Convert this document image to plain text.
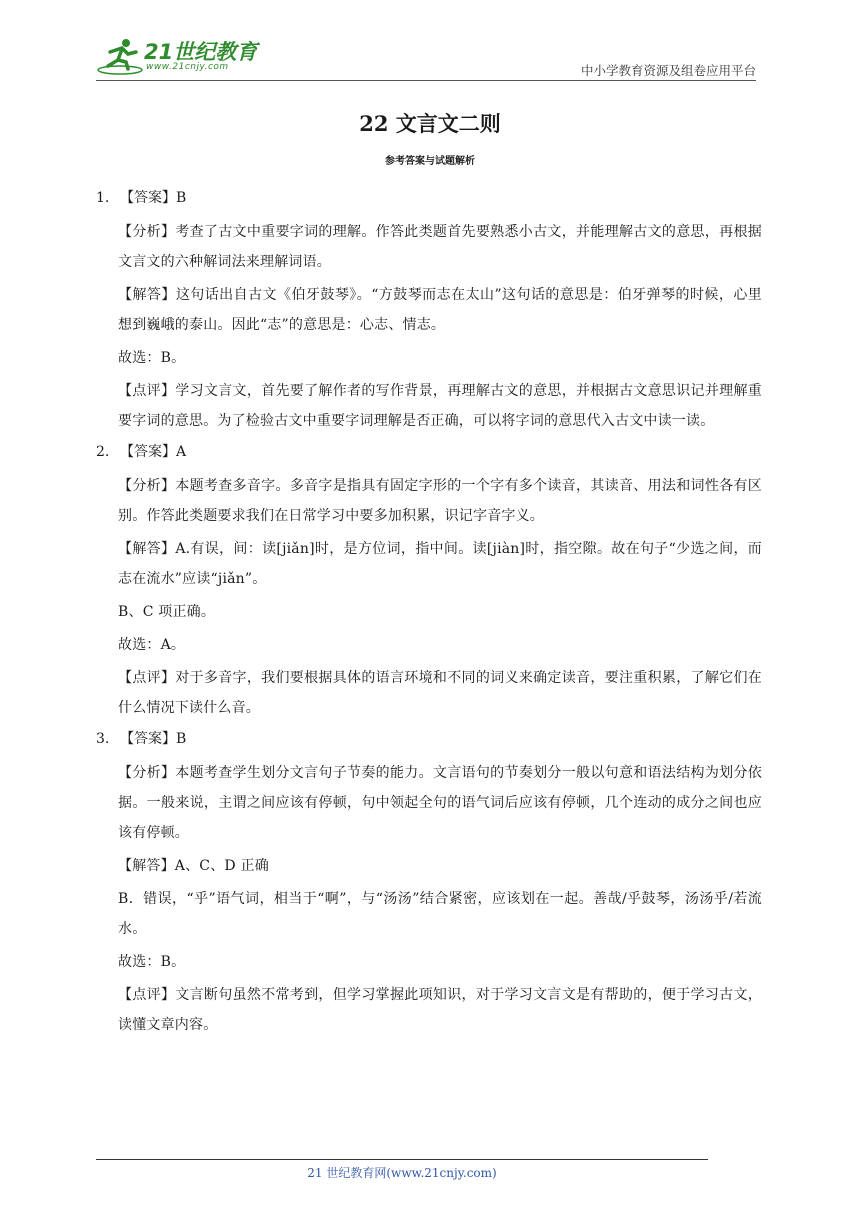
21世纪教育
www.21cnjy.com	中小学教育资源及组卷应用平台
22 文言文二则
参考答案与试题解析
1. 【答案】B
【分析】考查了古文中重要字词的理解。作答此类题首先要熟悉小古文，并能理解古文的意思，再根据文言文的六种解词法来理解词语。
【解答】这句话出自古文《伯牙鼓琴》。“方鼓琴而志在太山”这句话的意思是：伯牙弹琴的时候，心里想到巍峨的泰山。因此“志”的意思是：心志、情志。
故选：B。
【点评】学习文言文，首先要了解作者的写作背景，再理解古文的意思，并根据古文意思识记并理解重要字词的意思。为了检验古文中重要字词理解是否正确，可以将字词的意思代入古文中读一读。
2. 【答案】A
【分析】本题考查多音字。多音字是指具有固定字形的一个字有多个读音，其读音、用法和词性各有区别。作答此类题要求我们在日常学习中要多加积累，识记字音字义。
【解答】A.有误，间：读[jiǎn]时，是方位词，指中间。读[jiàn]时，指空隙。故在句子“少选之间，而志在流水”应读“jiǎn”。
B、C 项正确。
故选：A。
【点评】对于多音字，我们要根据具体的语言环境和不同的词义来确定读音，要注重积累，了解它们在什么情况下读什么音。
3. 【答案】B
【分析】本题考查学生划分文言句子节奏的能力。文言语句的节奏划分一般以句意和语法结构为划分依据。一般来说，主谓之间应该有停顿，句中领起全句的语气词后应该有停顿，几个连动的成分之间也应该有停顿。
【解答】A、C、D 正确
B．错误，“乎”语气词，相当于“啊”，与“汤汤”结合紧密，应该划在一起。善哉/乎鼓琴，汤汤乎/若流水。
故选：B。
【点评】文言断句虽然不常考到，但学习掌握此项知识，对于学习文言文是有帮助的，便于学习古文，读懂文章内容。
21 世纪教育网(www.21cnjy.com)
